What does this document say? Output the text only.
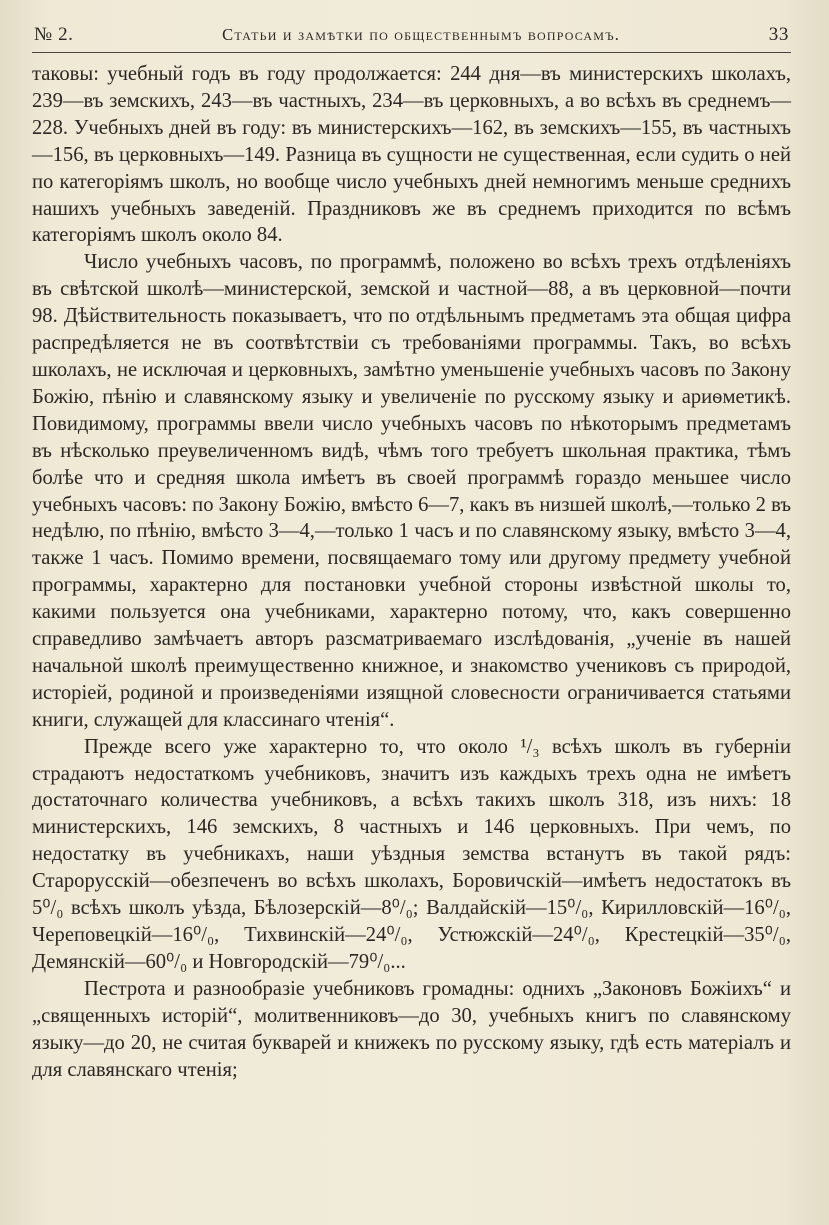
№ 2.	Статьи и замѣтки по общественнымъ вопросамъ.	33

таковы: учебный годъ въ году продолжается: 244 дня—въ министерскихъ школахъ, 239—въ земскихъ, 243—въ частныхъ, 234—въ церковныхъ, а во всѣхъ въ среднемъ—228. Учебныхъ дней въ году: въ министерскихъ—162, въ земскихъ—155, въ частныхъ—156, въ церковныхъ—149. Разница въ сущности не существенная, если судить о ней по категоріямъ школъ, но вообще число учебныхъ дней немногимъ меньше среднихъ нашихъ учебныхъ заведеній. Праздниковъ же въ среднемъ приходится по всѣмъ категоріямъ школъ около 84.

Число учебныхъ часовъ, по программѣ, положено во всѣхъ трехъ отдѣленіяхъ въ свѣтской школѣ—министерской, земской и частной—88, а въ церковной—почти 98. Дѣйствительность показываетъ, что по отдѣльнымъ предметамъ эта общая цифра распредѣляется не въ соотвѣтствіи съ требованіями программы. Такъ, во всѣхъ школахъ, не исключая и церковныхъ, замѣтно уменьшеніе учебныхъ часовъ по Закону Божію, пѣнію и славянскому языку и увеличеніе по русскому языку и ариѳметикѣ. Повидимому, программы ввели число учебныхъ часовъ по нѣкоторымъ предметамъ въ нѣсколько преувеличенномъ видѣ, чѣмъ того требуетъ школьная практика, тѣмъ болѣе что и средняя школа имѣетъ въ своей программѣ гораздо меньшее число учебныхъ часовъ: по Закону Божію, вмѣсто 6—7, какъ въ низшей школѣ,—только 2 въ недѣлю, по пѣнію, вмѣсто 3—4,—только 1 часъ и по славянскому языку, вмѣсто 3—4, также 1 часъ. Помимо времени, посвящаемаго тому или другому предмету учебной программы, характерно для постановки учебной стороны извѣстной школы то, какими пользуется она учебниками, характерно потому, что, какъ совершенно справедливо замѣчаетъ авторъ разсматриваемаго изслѣдованія, „ученіе въ нашей начальной школѣ преимущественно книжное, и знакомство учениковъ съ природой, исторіей, родиной и произведеніями изящной словесности ограничивается статьями книги, служащей для классинаго чтенія“.

Прежде всего уже характерно то, что около ¹/₃ всѣхъ школъ въ губерніи страдаютъ недостаткомъ учебниковъ, значитъ изъ каждыхъ трехъ одна не имѣетъ достаточнаго количества учебниковъ, а всѣхъ такихъ школъ 318, изъ нихъ: 18 министерскихъ, 146 земскихъ, 8 частныхъ и 146 церковныхъ. При чемъ, по недостатку въ учебникахъ, наши уѣздныя земства встанутъ въ такой рядъ: Старорусскій—обезпеченъ во всѣхъ школахъ, Боровичскій—имѣетъ недостатокъ въ 5⁰/₀ всѣхъ школъ уѣзда, Бѣлозерскій—8⁰/₀; Валдайскій—15⁰/₀, Кирилловскій—16⁰/₀, Череповецкій—16⁰/₀, Тихвинскій—24⁰/₀, Устюжскій—24⁰/₀, Крестецкій—35⁰/₀, Демянскій—60⁰/₀ и Новгородскій—79⁰/₀...

Пестрота и разнообразіе учебниковъ громадны: однихъ „Законовъ Божіихъ“ и „священныхъ исторій“, молитвенниковъ—до 30, учебныхъ книгъ по славянскому языку—до 20, не считая букварей и книжекъ по русскому языку, гдѣ есть матеріалъ и для славянскаго чтенія;
